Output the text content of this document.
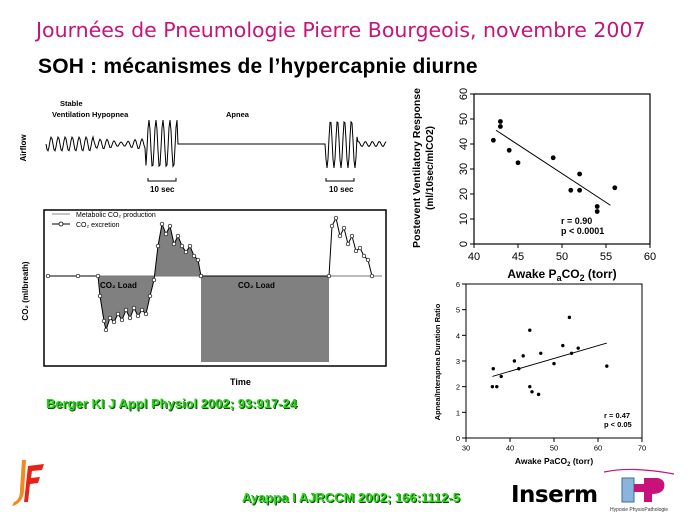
Journées de Pneumologie Pierre Bourgeois, novembre 2007
SOH : mécanismes de l’hypercapnie diurne
Stable
Ventilation Hypopnea	Apnea
Airflow
10 sec	10 sec
Metabolic CO₂ production
CO₂ excretion
CO₂ Load	CO₂ Load
CO₂ (ml/breath)
Time
40	45	50	55	60
0
10
20
30
40
50
60
r = 0.90
p < 0.0001
Awake $P_aCO_2$ (torr)
Postevent Ventilatory Response (ml/10sec/mlCO2)
30	40	50	60	70
0
1
2
3
4
5
6
r = 0.47
p < 0.05
Awake PaCO$_2$ (torr)
Apnea/Interapnea Duration Ratio
Berger KI J Appl Physiol 2002; 93:917-24
Ayappa I AJRCCM 2002; 166:1112-5 Inserm
Hypoxie PhysioPathologie
